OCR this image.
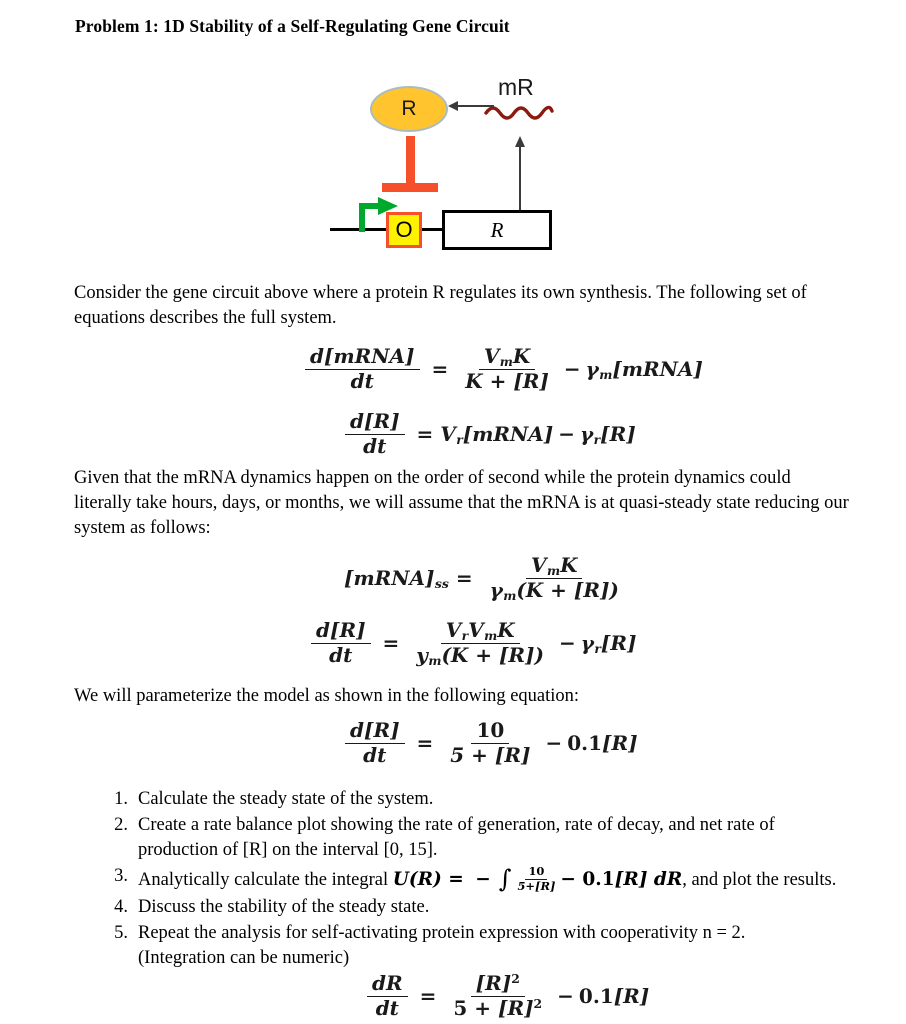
Problem 1: 1D Stability of a Self-Regulating Gene Circuit
R
mR
O	R
Consider the gene circuit above where a protein R regulates its own synthesis. The following set of equations describes the full system.
$\frac{\text{d[mRNA]}}{dt} = \frac{V_mK}{K + [R]}$ − $\gamma_m[mRNA]$
$\frac{d[R]}{dt}$ = $V_r[mRNA] - \gamma_r[R]$
Given that the mRNA dynamics happen on the order of second while the protein dynamics could literally take hours, days, or months, we will assume that the mRNA is at quasi-steady state reducing our system as follows:
$[mRNA]_{ss} = \frac{V_mK}{\gamma_m(K + [R])}$
$\frac{d[R]}{dt} = \frac{V_rV_mK}{y_m(K + [R])} - \gamma_r[R]$
We will parameterize the model as shown in the following equation:
$\frac{d[R]}{dt} = \frac{10}{5 + [R]} - 0.1[R]$
1. Calculate the steady state of the system.
2. Create a rate balance plot showing the rate of generation, rate of decay, and net rate of production of [R] on the interval [0, 15].
3. Analytically calculate the integral U(R) = − ∫ $\frac{10}{5+[R]} - 0.1[R]$ dR, and plot the results.
4. Discuss the stability of the steady state.
5. Repeat the analysis for self-activating protein expression with cooperativity n = 2.
(Integration can be numeric)
$\frac{dR}{dt} = \frac{[R]^2}{5 + [R]^2} - 0.1[R]$
